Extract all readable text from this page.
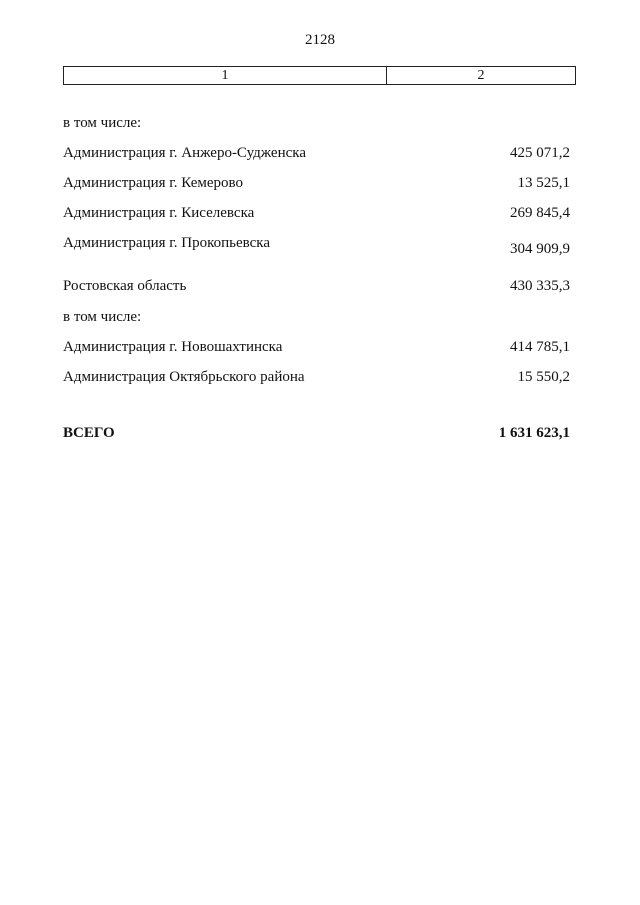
2128
1	2
в том числе:
Администрация г. Анжеро-Судженска	425 071,2
Администрация г. Кемерово	13 525,1
Администрация г. Киселевска	269 845,4
Администрация г. Прокопьевска	304 909,9
Ростовская область	430 335,3
в том числе:
Администрация г. Новошахтинска	414 785,1
Администрация Октябрьского района	15 550,2
ВСЕГО	1 631 623,1
